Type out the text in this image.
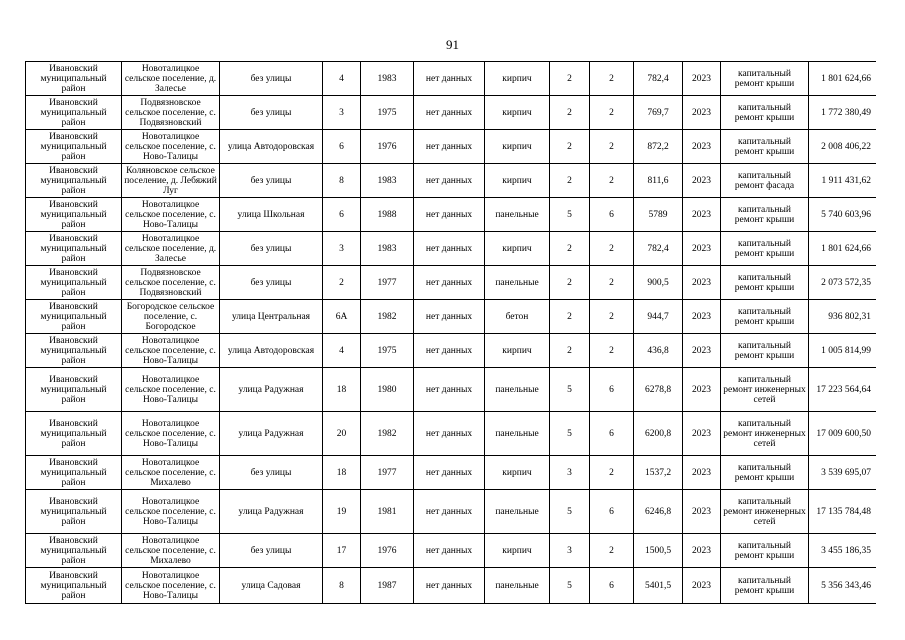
91
Ивановский муниципальный район	Новоталицкое сельское поселение, д. Залесье	без улицы	4	1983	нет данных	кирпич	2	2	782,4	2023	капитальный ремонт крыши	1 801 624,66
Ивановский муниципальный район	Подвязновское сельское поселение, с. Подвязновский	без улицы	3	1975	нет данных	кирпич	2	2	769,7	2023	капитальный ремонт крыши	1 772 380,49
Ивановский муниципальный район	Новоталицкое сельское поселение, с. Ново-Талицы	улица Автодоровская	6	1976	нет данных	кирпич	2	2	872,2	2023	капитальный ремонт крыши	2 008 406,22
Ивановский муниципальный район	Коляновское сельское поселение, д. Лебяжий Луг	без улицы	8	1983	нет данных	кирпич	2	2	811,6	2023	капитальный ремонт фасада	1 911 431,62
Ивановский муниципальный район	Новоталицкое сельское поселение, с. Ново-Талицы	улица Школьная	6	1988	нет данных	панельные	5	6	5789	2023	капитальный ремонт крыши	5 740 603,96
Ивановский муниципальный район	Новоталицкое сельское поселение, д. Залесье	без улицы	3	1983	нет данных	кирпич	2	2	782,4	2023	капитальный ремонт крыши	1 801 624,66
Ивановский муниципальный район	Подвязновское сельское поселение, с. Подвязновский	без улицы	2	1977	нет данных	панельные	2	2	900,5	2023	капитальный ремонт крыши	2 073 572,35
Ивановский муниципальный район	Богородское сельское поселение, с. Богородское	улица Центральная	6А	1982	нет данных	бетон	2	2	944,7	2023	капитальный ремонт крыши	936 802,31
Ивановский муниципальный район	Новоталицкое сельское поселение, с. Ново-Талицы	улица Автодоровская	4	1975	нет данных	кирпич	2	2	436,8	2023	капитальный ремонт крыши	1 005 814,99
Ивановский муниципальный район	Новоталицкое сельское поселение, с. Ново-Талицы	улица Радужная	18	1980	нет данных	панельные	5	6	6278,8	2023	капитальный ремонт инженерных сетей	17 223 564,64
Ивановский муниципальный район	Новоталицкое сельское поселение, с. Ново-Талицы	улица Радужная	20	1982	нет данных	панельные	5	6	6200,8	2023	капитальный ремонт инженерных сетей	17 009 600,50
Ивановский муниципальный район	Новоталицкое сельское поселение, с. Михалево	без улицы	18	1977	нет данных	кирпич	3	2	1537,2	2023	капитальный ремонт крыши	3 539 695,07
Ивановский муниципальный район	Новоталицкое сельское поселение, с. Ново-Талицы	улица Радужная	19	1981	нет данных	панельные	5	6	6246,8	2023	капитальный ремонт инженерных сетей	17 135 784,48
Ивановский муниципальный район	Новоталицкое сельское поселение, с. Михалево	без улицы	17	1976	нет данных	кирпич	3	2	1500,5	2023	капитальный ремонт крыши	3 455 186,35
Ивановский муниципальный район	Новоталицкое сельское поселение, с. Ново-Талицы	улица Садовая	8	1987	нет данных	панельные	5	6	5401,5	2023	капитальный ремонт крыши	5 356 343,46
